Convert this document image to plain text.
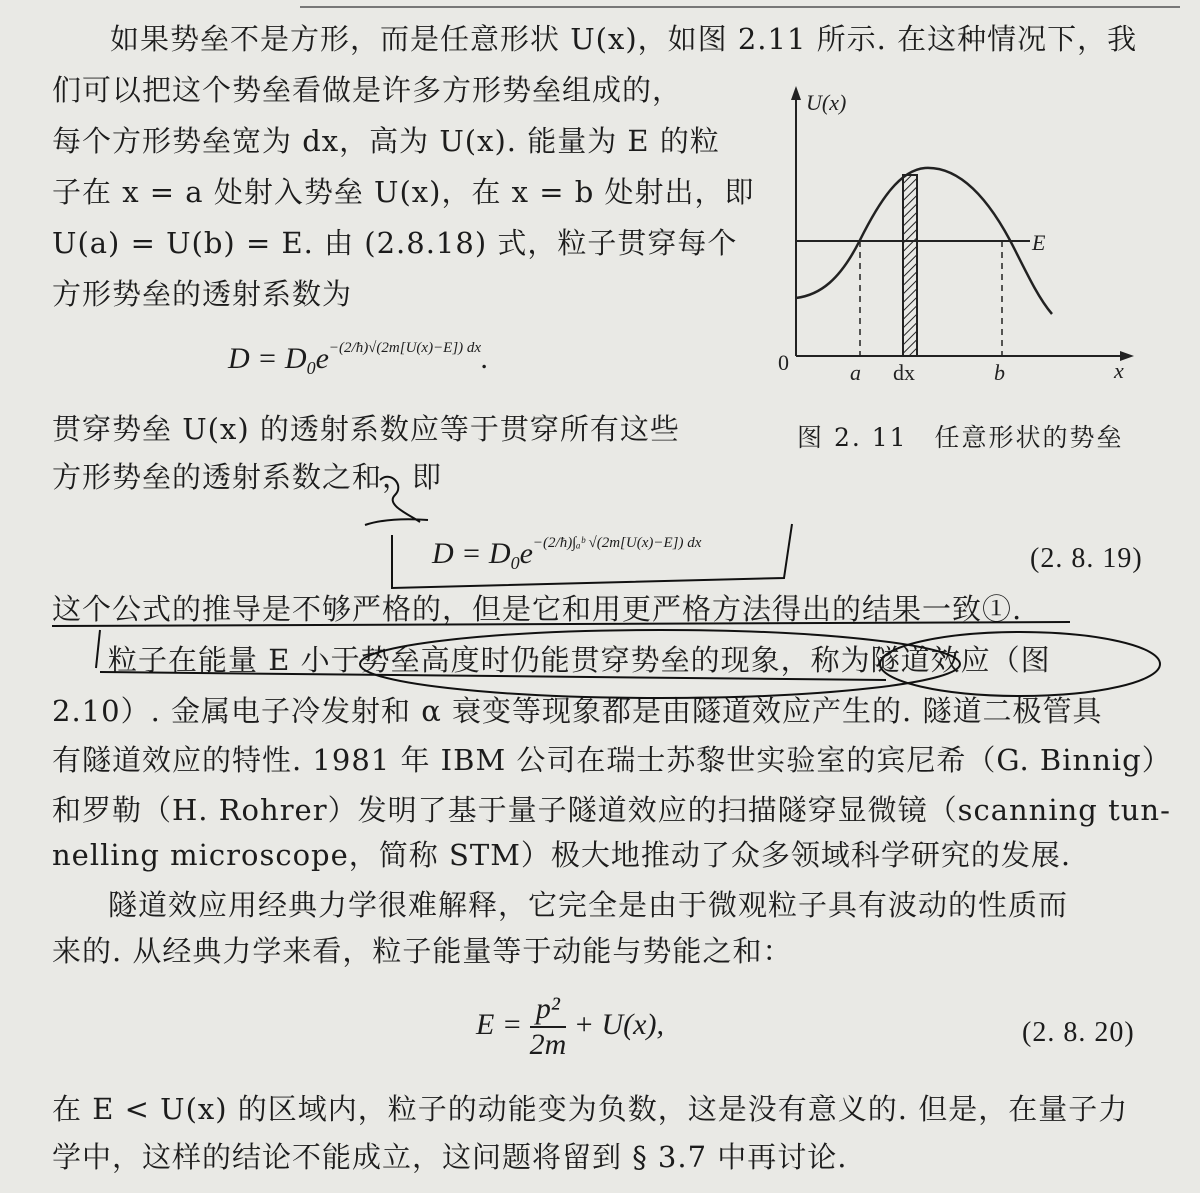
如果势垒不是方形，而是任意形状 U(x)，如图 2.11 所示. 在这种情况下，我
们可以把这个势垒看做是许多方形势垒组成的，
每个方形势垒宽为 dx，高为 U(x). 能量为 E 的粒
子在 x = a 处射入势垒 U(x)，在 x = b 处射出，即
U(a) = U(b) = E. 由 (2.8.18) 式，粒子贯穿每个
方形势垒的透射系数为
$D = D_0e^{-(2/ħ)√(2m[U(x)-E]) dx}$.
贯穿势垒 U(x) 的透射系数应等于贯穿所有这些
方形势垒的透射系数之和，即
$D = D_0e^{-(2/ħ)\int_aᵇ √(2m[U(x)-E]) dx}$	(2. 8. 19)
这个公式的推导是不够严格的，但是它和用更严格方法得出的结果一致①.
粒子在能量 E 小于势垒高度时仍能贯穿势垒的现象，称为隧道效应（图
2.10）. 金属电子冷发射和 α 衰变等现象都是由隧道效应产生的. 隧道二极管具
有隧道效应的特性. 1981 年 IBM 公司在瑞士苏黎世实验室的宾尼希（G. Binnig）
和罗勒（H. Rohrer）发明了基于量子隧道效应的扫描隧穿显微镜（scanning tun-
nelling microscope，简称 STM）极大地推动了众多领域科学研究的发展.
隧道效应用经典力学很难解释，它完全是由于微观粒子具有波动的性质而
来的. 从经典力学来看，粒子能量等于动能与势能之和：
$E = \frac{\text{p²}}{2m} + U(x)$,	(2. 8. 20)
在 E < U(x) 的区域内，粒子的动能变为负数，这是没有意义的. 但是，在量子力
学中，这样的结论不能成立，这问题将留到 § 3.7 中再讨论.
U(x)
E
0	a dx	b	x
图 2. 11　任意形状的势垒
